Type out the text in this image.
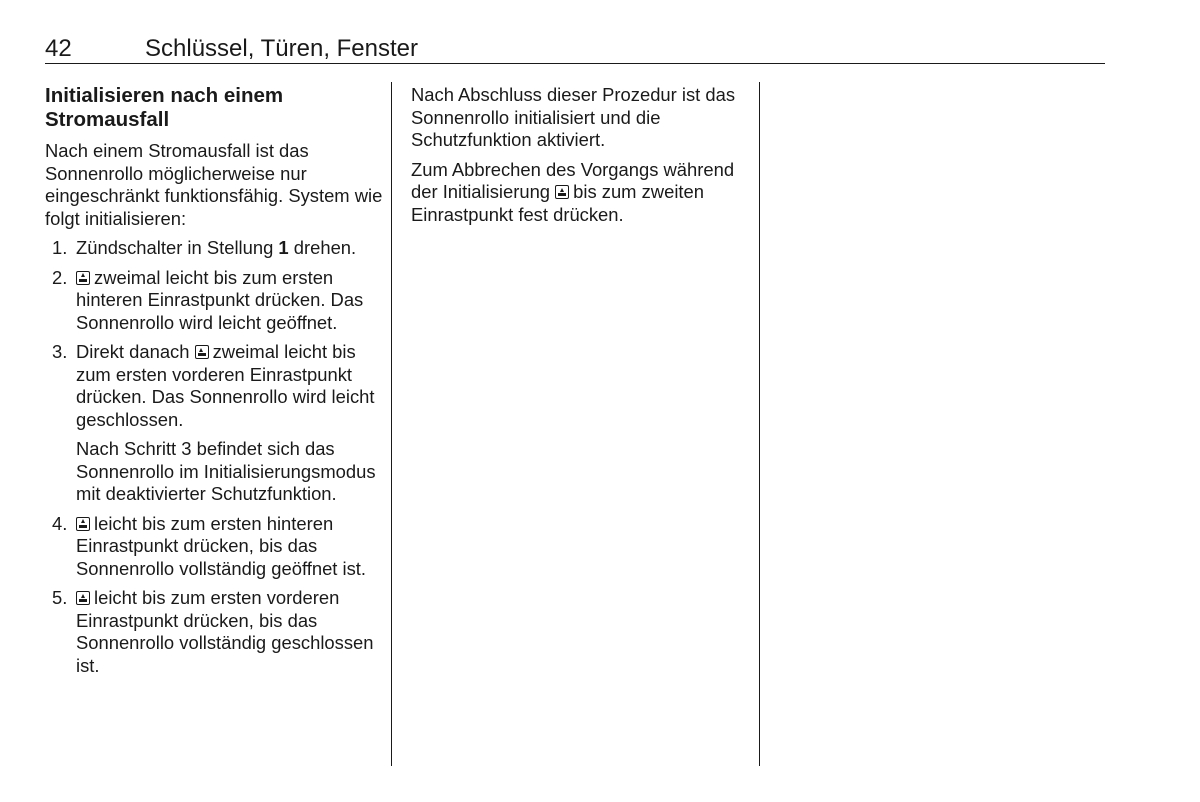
42	Schlüssel, Türen, Fenster
Initialisieren nach einem Stromausfall

Nach einem Stromausfall ist das Sonnenrollo möglicherweise nur eingeschränkt funktionsfähig. System wie folgt initialisieren:

1. Zündschalter in Stellung 1 drehen.
2.	zweimal leicht bis zum ersten hinteren Einrastpunkt drücken. Das Sonnenrollo wird leicht geöffnet.
3. Direkt danach zweimal leicht bis zum ersten vorderen Einrastpunkt drücken. Das Sonnenrollo wird leicht geschlossen.

Nach Schritt 3 befindet sich das Sonnenrollo im Initialisierungsmodus mit deaktivierter Schutzfunktion.

4.	leicht bis zum ersten hinteren Einrastpunkt drücken, bis das Sonnenrollo vollständig geöffnet ist.
5.	leicht bis zum ersten vorderen Einrastpunkt drücken, bis das Sonnenrollo vollständig geschlossen ist.

Nach Abschluss dieser Prozedur ist das Sonnenrollo initialisiert und die Schutzfunktion aktiviert.

Zum Abbrechen des Vorgangs während der Initialisierung bis zum zweiten Einrastpunkt fest drücken.
